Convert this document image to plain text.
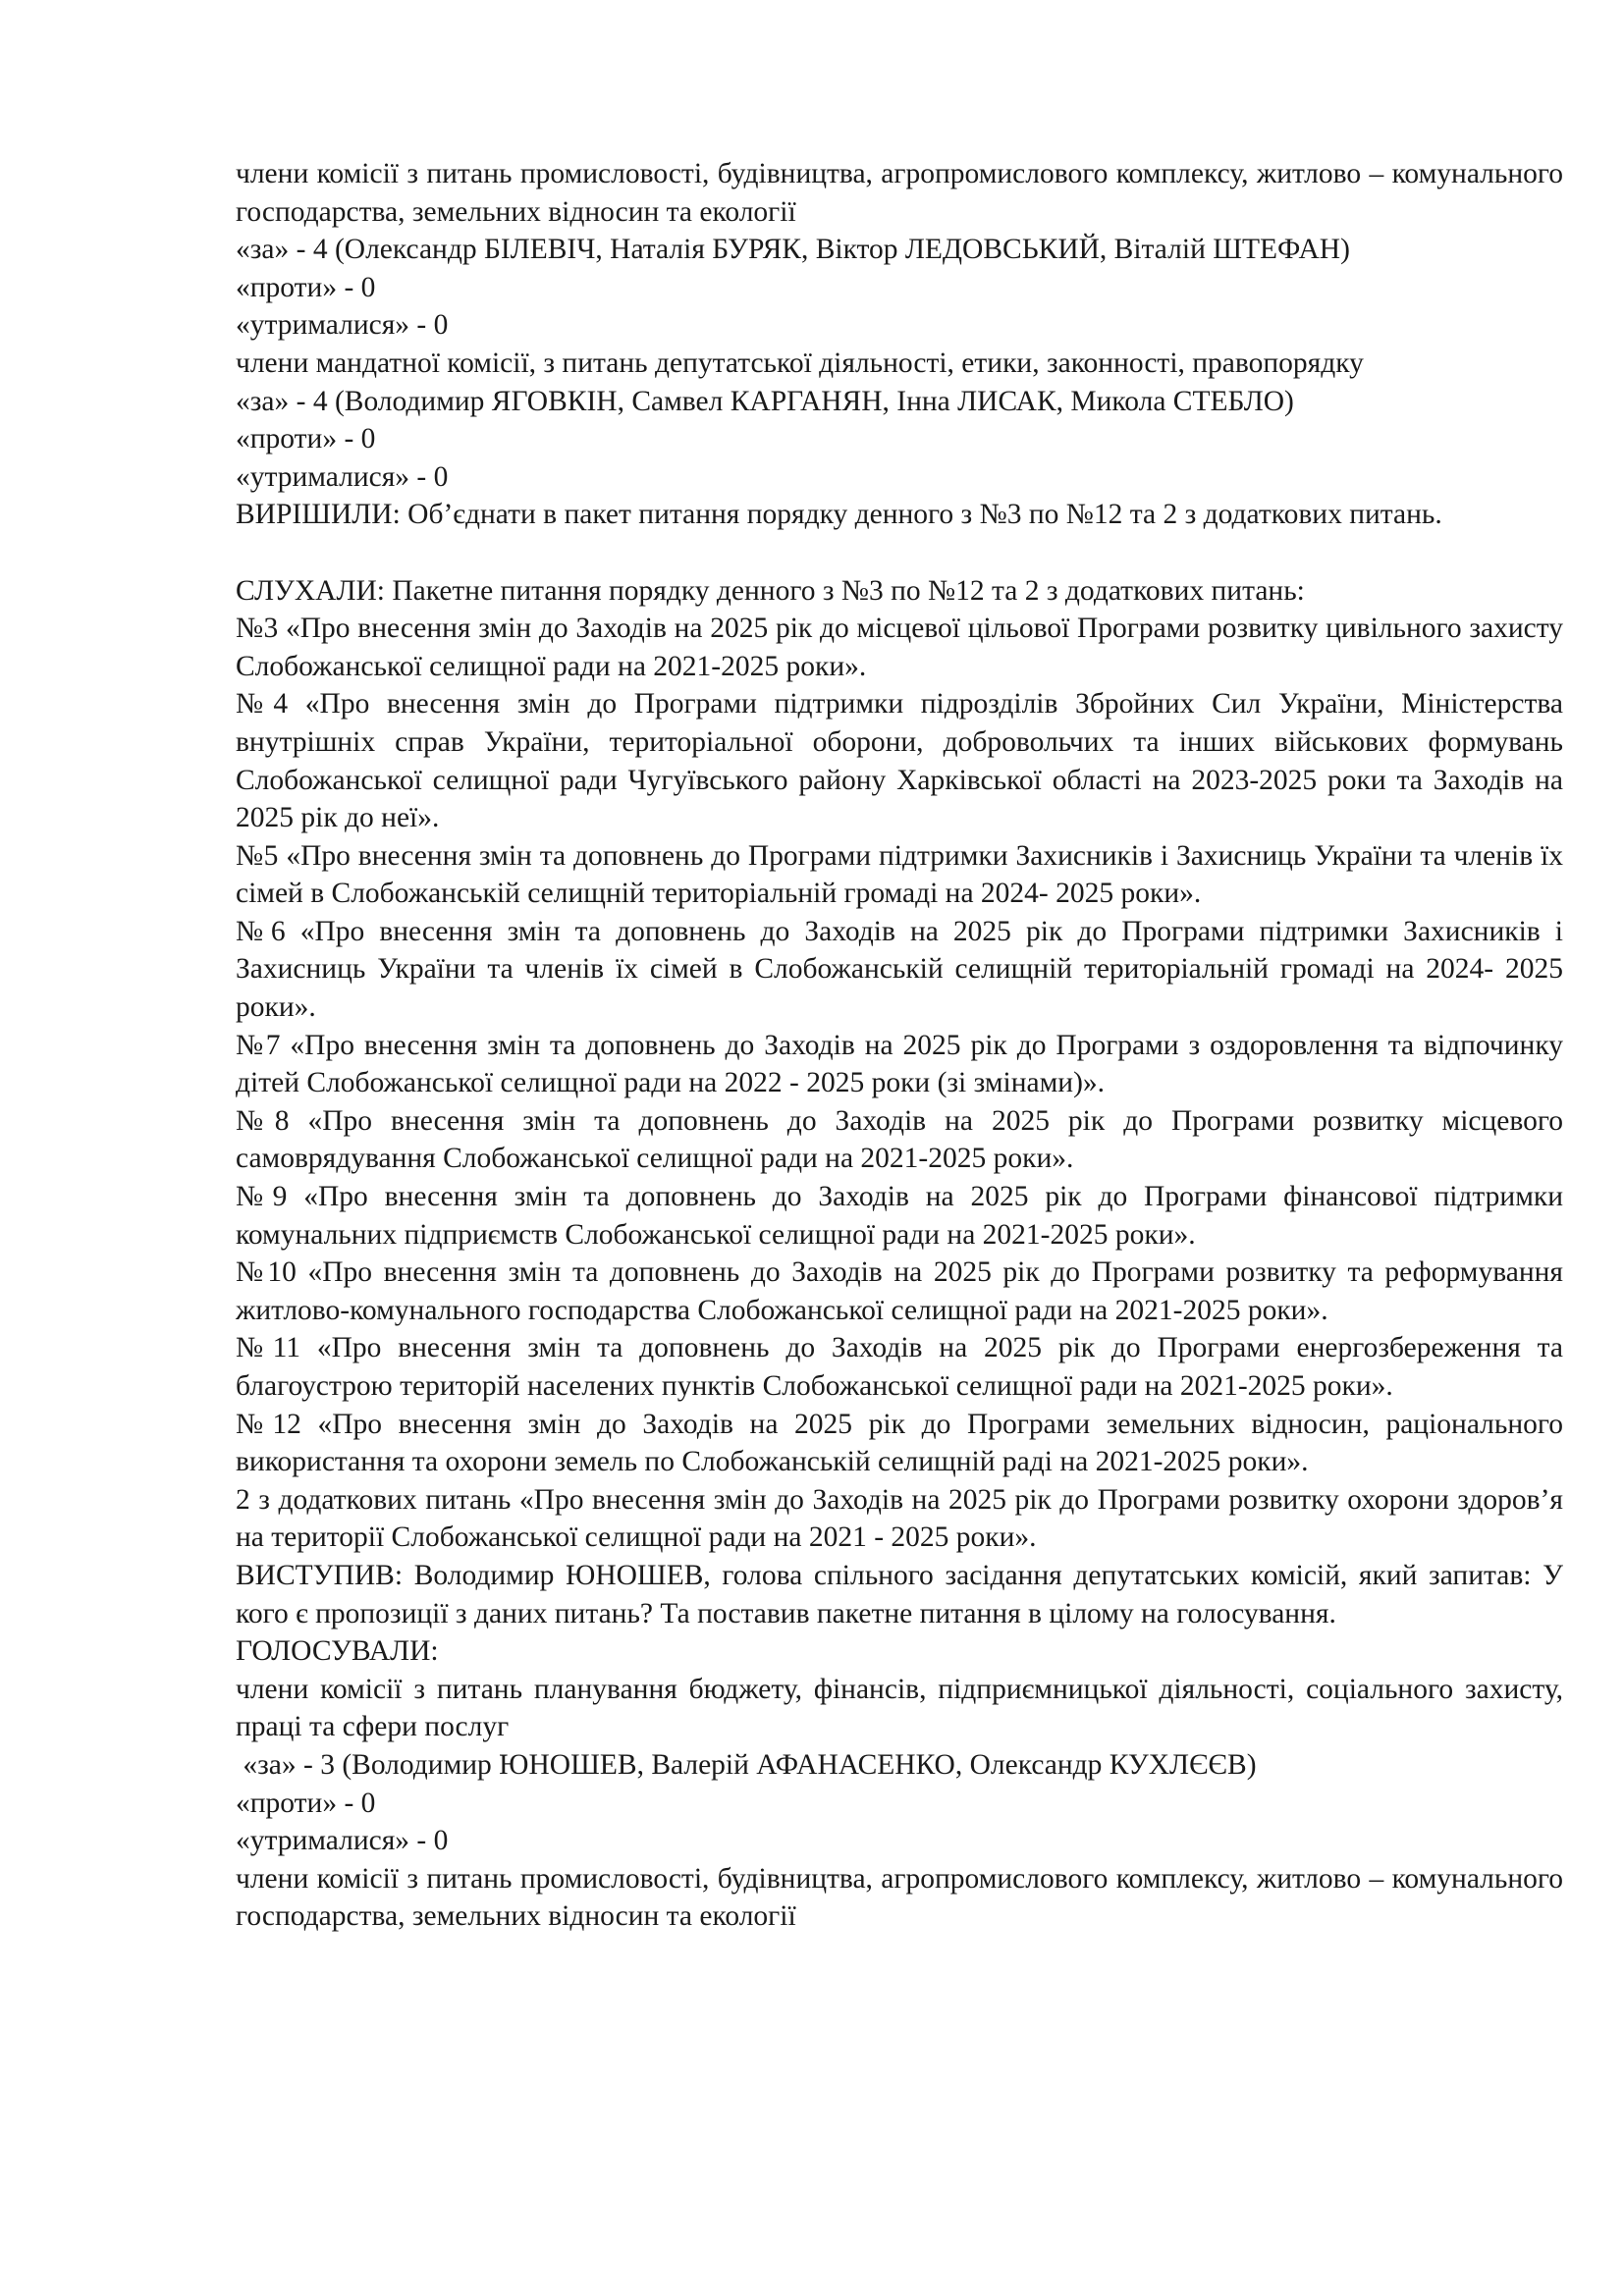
члени комісії з питань промисловості, будівництва, агропромислового комплексу, житлово – комунального господарства, земельних відносин та екології

«за» - 4 (Олександр БІЛЕВІЧ, Наталія БУРЯК, Віктор ЛЕДОВСЬКИЙ, Віталій ШТЕФАН)

«проти» - 0

«утрималися» - 0

члени мандатної комісії, з питань депутатської діяльності, етики, законності, правопорядку

«за» - 4 (Володимир ЯГОВКІН, Самвел КАРГАНЯН, Інна ЛИСАК, Микола СТЕБЛО)

«проти» - 0

«утрималися» - 0

ВИРІШИЛИ: Об’єднати в пакет питання порядку денного з №3 по №12 та 2 з додаткових питань.

СЛУХАЛИ: Пакетне питання порядку денного з №3 по №12 та 2 з додаткових питань:

№3 «Про внесення змін до Заходів на 2025 рік до місцевої цільової Програми розвитку цивільного захисту Слобожанської селищної ради на 2021-2025 роки».

№4 «Про внесення змін до Програми підтримки підрозділів Збройних Сил України, Міністерства внутрішніх справ України, територіальної оборони, добровольчих та інших військових формувань Слобожанської селищної ради Чугуївського району Харківської області на 2023-2025 роки та Заходів на 2025 рік до неї».

№5 «Про внесення змін та доповнень до Програми підтримки Захисників і Захисниць України та членів їх сімей в Слобожанській селищній територіальній громаді на 2024- 2025 роки».

№6 «Про внесення змін та доповнень до Заходів на 2025 рік до Програми підтримки Захисників і Захисниць України та членів їх сімей в Слобожанській селищній територіальній громаді на 2024- 2025 роки».

№7 «Про внесення змін та доповнень до Заходів на 2025 рік до Програми з оздоровлення та відпочинку дітей Слобожанської селищної ради на 2022 - 2025 роки (зі змінами)».

№8 «Про внесення змін та доповнень до Заходів на 2025 рік до Програми розвитку місцевого самоврядування Слобожанської селищної ради на 2021-2025 роки».

№9 «Про внесення змін та доповнень до Заходів на 2025 рік до Програми фінансової підтримки комунальних підприємств Слобожанської селищної ради на 2021-2025 роки».

№10 «Про внесення змін та доповнень до Заходів на 2025 рік до Програми розвитку та реформування житлово-комунального господарства Слобожанської селищної ради на 2021-2025 роки».

№11 «Про внесення змін та доповнень до Заходів на 2025 рік до Програми енергозбереження та благоустрою територій населених пунктів Слобожанської селищної ради на 2021-2025 роки».

№12 «Про внесення змін до Заходів на 2025 рік до Програми земельних відносин, раціонального використання та охорони земель по Слобожанській селищній раді на 2021-2025 роки».

2 з додаткових питань «Про внесення змін до Заходів на 2025 рік до Програми розвитку охорони здоров’я на території Слобожанської селищної ради на 2021 - 2025 роки».

ВИСТУПИВ: Володимир ЮНОШЕВ, голова спільного засідання депутатських комісій, який запитав: У кого є пропозиції з даних питань? Та поставив пакетне питання в цілому на голосування.

ГОЛОСУВАЛИ:

члени комісії з питань планування бюджету, фінансів, підприємницької діяльності, соціального захисту, праці та сфери послуг

«за» - 3 (Володимир ЮНОШЕВ, Валерій АФАНАСЕНКО, Олександр КУХЛЄЄВ)

«проти» - 0

«утрималися» - 0

члени комісії з питань промисловості, будівництва, агропромислового комплексу, житлово – комунального господарства, земельних відносин та екології
